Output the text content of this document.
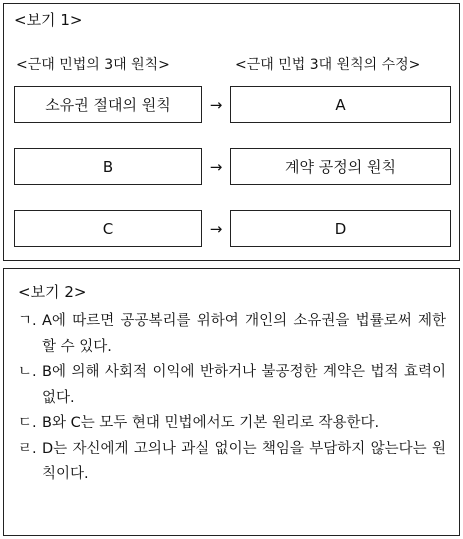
<보기 1>
<근대 민법의 3대 원칙>	<근대 민법 3대 원칙의 수정>
소유권 절대의 원칙	→	A
B	→	계약 공정의 원칙
C	→	D
<보기 2>
ㄱ. A에 따르면 공공복리를 위하여 개인의 소유권을 법률로써 제한할 수 있다.
ㄴ. B에 의해 사회적 이익에 반하거나 불공정한 계약은 법적 효력이 없다.
ㄷ. B와 C는 모두 현대 민법에서도 기본 원리로 작용한다.
ㄹ. D는 자신에게 고의나 과실 없이는 책임을 부담하지 않는다는 원칙이다.
